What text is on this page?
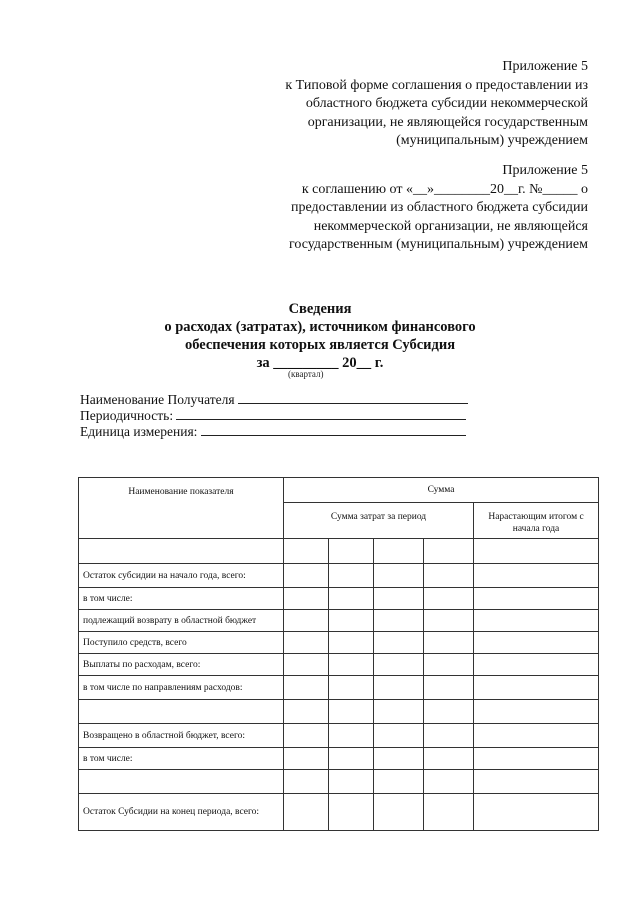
Приложение 5
к Типовой форме соглашения о предоставлении из
областного бюджета субсидии некоммерческой
организации, не являющейся государственным
(муниципальным) учреждением
Приложение 5
к соглашению от «__»________20__г. №_____ о
предоставлении из областного бюджета субсидии
некоммерческой организации, не являющейся
государственным (муниципальным) учреждением
Сведения
о расходах (затратах), источником финансового
обеспечения которых является Субсидия
за _________ 20__ г.
(квартал)
Наименование Получателя
Периодичность:
Единица измерения:
Наименование показателя	Сумма				
	Сумма затрат за период				Нарастающим итогом с начала года

Остаток субсидии на начало года, всего:					
в том числе:					
подлежащий возврату в областной бюджет					
Поступило средств, всего					
Выплаты по расходам, всего:					
в том числе по направлениям расходов:					

Возвращено в областной бюджет, всего:					
в том числе:					

Остаток Субсидии на конец периода, всего:					
